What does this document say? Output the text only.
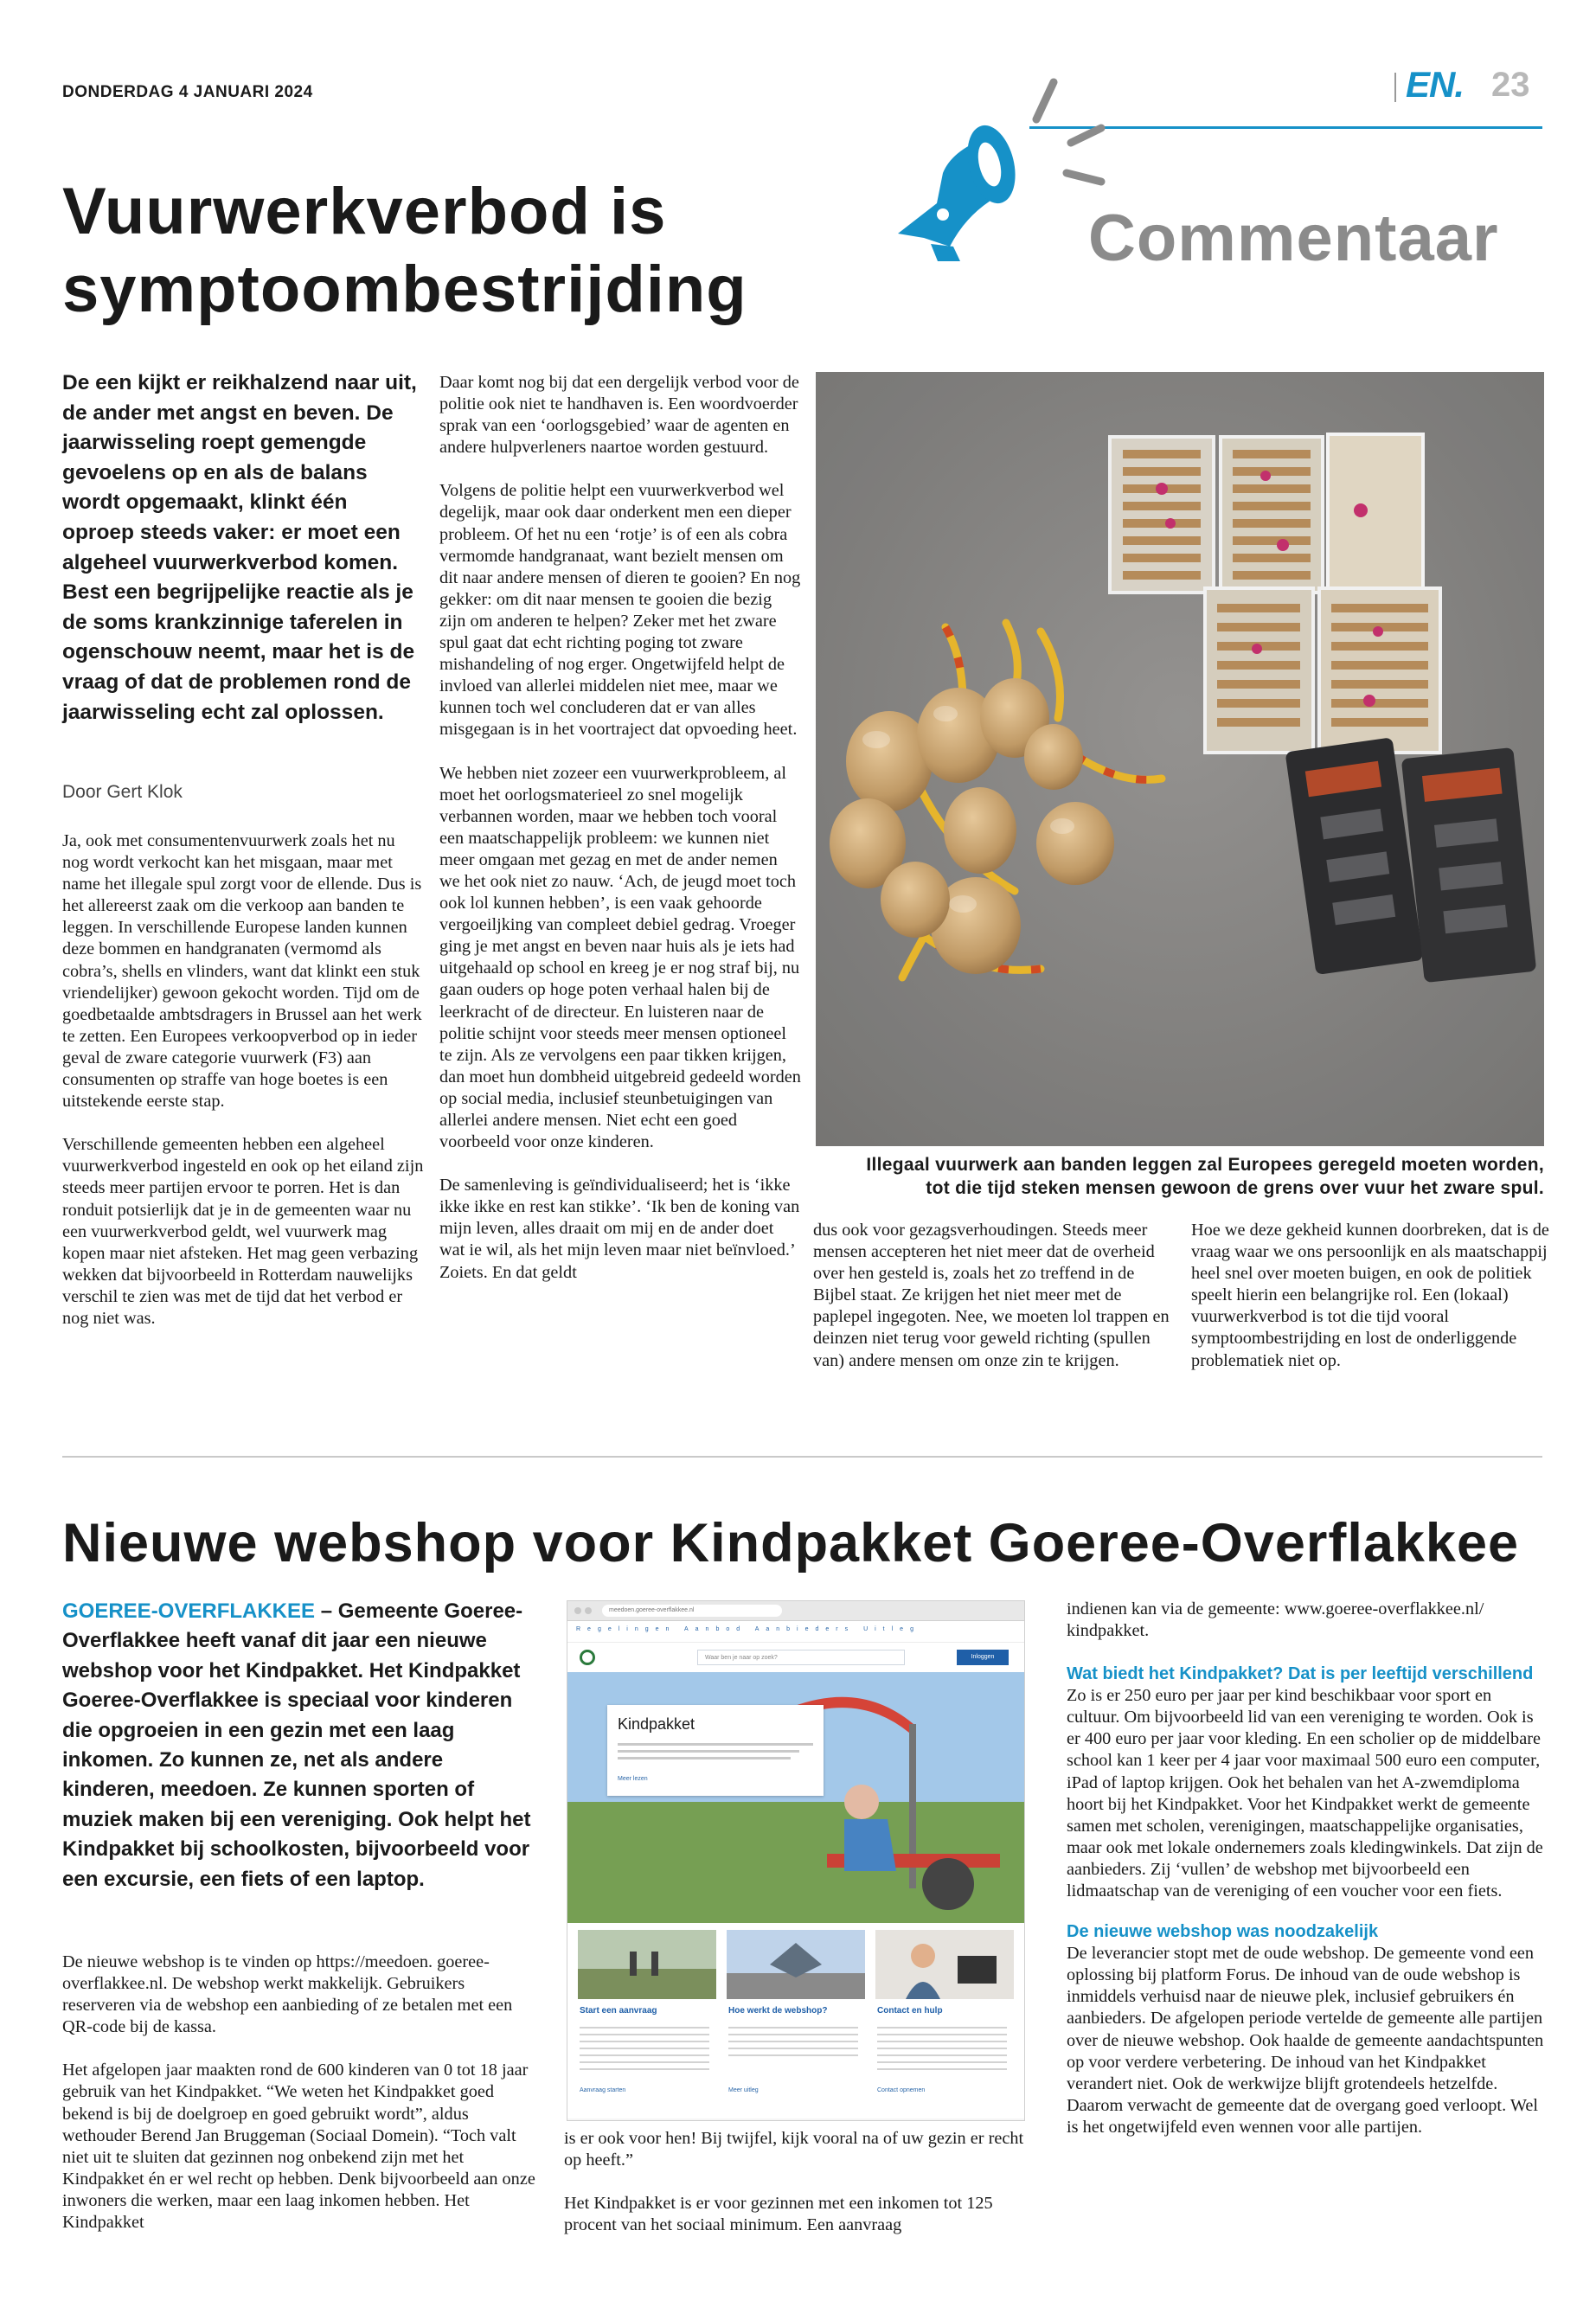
DONDERDAG 4 JANUARI 2024	EN. 23
Commentaar
Vuurwerkverbod is
symptoombestrijding

De een kijkt er reikhalzend naar uit, de ander met angst en beven. De jaarwisseling roept gemengde gevoelens op en als de balans wordt opgemaakt, klinkt één oproep steeds vaker: er moet een algeheel vuurwerkverbod komen. Best een begrijpelijke reactie als je de soms krankzinnige taferelen in ogenschouw neemt, maar het is de vraag of dat de problemen rond de jaarwisseling echt zal oplossen.

Door Gert Klok

Ja, ook met consumentenvuurwerk zoals het nu nog wordt verkocht kan het misgaan, maar met name het illegale spul zorgt voor de ellende. Dus is het allereerst zaak om die verkoop aan banden te leggen. In verschillende Europese landen kunnen deze bommen en handgranaten (vermomd als cobra’s, shells en vlinders, want dat klinkt een stuk vriendelijker) gewoon gekocht worden. Tijd om de goedbetaalde ambtsdragers in Brussel aan het werk te zetten. Een Europees verkoopverbod op in ieder geval de zware categorie vuurwerk (F3) aan consumenten op straffe van hoge boetes is een uitstekende eerste stap.

Verschillende gemeenten hebben een algeheel vuurwerkverbod ingesteld en ook op het eiland zijn steeds meer partijen ervoor te porren. Het is dan ronduit potsierlijk dat je in de gemeenten waar nu een vuurwerkverbod geldt, wel vuurwerk mag kopen maar niet afsteken. Het mag geen verbazing wekken dat bijvoorbeeld in Rotterdam nauwelijks verschil te zien was met de tijd dat het verbod er nog niet was.

Daar komt nog bij dat een dergelijk verbod voor de politie ook niet te handhaven is. Een woordvoerder sprak van een ‘oorlogsgebied’ waar de agenten en andere hulpverleners naartoe worden gestuurd.

Volgens de politie helpt een vuurwerkverbod wel degelijk, maar ook daar onderkent men een dieper probleem. Of het nu een ‘rotje’ is of een als cobra vermomde handgranaat, want bezielt mensen om dit naar andere mensen of dieren te gooien? En nog gekker: om dit naar mensen te gooien die bezig zijn om anderen te helpen? Zeker met het zware spul gaat dat echt richting poging tot zware mishandeling of nog erger. Ongetwijfeld helpt de invloed van allerlei middelen niet mee, maar we kunnen toch wel concluderen dat er van alles misgegaan is in het voortraject dat opvoeding heet.

We hebben niet zozeer een vuurwerkprobleem, al moet het oorlogsmaterieel zo snel mogelijk verbannen worden, maar we hebben toch vooral een maatschappelijk probleem: we kunnen niet meer omgaan met gezag en met de ander nemen we het ook niet zo nauw. ‘Ach, de jeugd moet toch ook lol kunnen hebben’, is een vaak gehoorde vergoeiljking van compleet debiel gedrag. Vroeger ging je met angst en beven naar huis als je iets had uitgehaald op school en kreeg je er nog straf bij, nu gaan ouders op hoge poten verhaal halen bij de leerkracht of de directeur. En luisteren naar de politie schijnt voor steeds meer mensen optioneel te zijn. Als ze vervolgens een paar tikken krijgen, dan moet hun dombheid uitgebreid gedeeld worden op social media, inclusief steunbetuigingen van allerlei andere mensen. Niet echt een goed voorbeeld voor onze kinderen.

De samenleving is geïndividualiseerd; het is ‘ikke ikke ikke en rest kan stikke’. ‘Ik ben de koning van mijn leven, alles draait om mij en de ander doet wat ie wil, als het mijn leven maar niet beïnvloed.’ Zoiets. En dat geldt

Illegaal vuurwerk aan banden leggen zal Europees geregeld moeten worden,
tot die tijd steken mensen gewoon de grens over vuur het zware spul.

dus ook voor gezagsverhoudingen. Steeds meer mensen accepteren het niet meer dat de overheid over hen gesteld is, zoals het zo treffend in de Bijbel staat. Ze krijgen het niet meer met de paplepel ingegoten. Nee, we moeten lol trappen en deinzen niet terug voor geweld richting (spullen van) andere mensen om onze zin te krijgen.

Hoe we deze gekheid kunnen doorbreken, dat is de vraag waar we ons persoonlijk en als maatschappij heel snel over moeten buigen, en ook de politiek speelt hierin een belangrijke rol. Een (lokaal) vuurwerkverbod is tot die tijd vooral symptoombestrijding en lost de onderliggende problematiek niet op.

Nieuwe webshop voor Kindpakket Goeree-Overflakkee

GOEREE-OVERFLAKKEE – Gemeente Goeree-Overflakkee heeft vanaf dit jaar een nieuwe webshop voor het Kindpakket. Het Kindpakket Goeree-Overflakkee is speciaal voor kinderen die opgroeien in een gezin met een laag inkomen. Zo kunnen ze, net als andere kinderen, meedoen. Ze kunnen sporten of muziek maken bij een vereniging. Ook helpt het Kindpakket bij schoolkosten, bijvoorbeeld voor een excursie, een fiets of een laptop.

De nieuwe webshop is te vinden op https://meedoen. goeree-overflakkee.nl. De webshop werkt makkelijk. Gebruikers reserveren via de webshop een aanbieding of ze betalen met een QR-code bij de kassa.

Het afgelopen jaar maakten rond de 600 kinderen van 0 tot 18 jaar gebruik van het Kindpakket. “We weten het Kindpakket goed bekend is bij de doelgroep en goed gebruikt wordt”, aldus wethouder Berend Jan Bruggeman (Sociaal Domein). “Toch valt niet uit te sluiten dat gezinnen nog onbekend zijn met het Kindpakket én er wel recht op hebben. Denk bijvoorbeeld aan onze inwoners die werken, maar een laag inkomen hebben. Het Kindpakket

meedoen.goeree-overflakkee.nl
Regelingen Aanbod Aanbieders Uitleg
Waar ben je naar op zoek?	Inloggen
Kindpakket
Meer lezen
Start een aanvraag	Hoe werkt de webshop?	Contact en hulp
Aanvraag starten	Meer uitleg	Contact opnemen

is er ook voor hen! Bij twijfel, kijk vooral na of uw gezin er recht op heeft.”

Het Kindpakket is er voor gezinnen met een inkomen tot 125 procent van het sociaal minimum. Een aanvraag

indienen kan via de gemeente: www.goeree-overflakkee.nl/ kindpakket.

Wat biedt het Kindpakket? Dat is per leeftijd verschillend
Zo is er 250 euro per jaar per kind beschikbaar voor sport en cultuur. Om bijvoorbeeld lid van een vereniging te worden. Ook is er 400 euro per jaar voor kleding. En een scholier op de middelbare school kan 1 keer per 4 jaar voor maximaal 500 euro een computer, iPad of laptop krijgen. Ook het behalen van het A-zwemdiploma hoort bij het Kindpakket. Voor het Kindpakket werkt de gemeente samen met scholen, verenigingen, maatschappelijke organisaties, maar ook met lokale ondernemers zoals kledingwinkels. Dat zijn de aanbieders. Zij ‘vullen’ de webshop met bijvoorbeeld een lidmaatschap van de vereniging of een voucher voor een fiets.

De nieuwe webshop was noodzakelijk
De leverancier stopt met de oude webshop. De gemeente vond een oplossing bij platform Forus. De inhoud van de oude webshop is inmiddels verhuisd naar de nieuwe plek, inclusief gebruikers én aanbieders. De afgelopen periode vertelde de gemeente alle partijen over de nieuwe webshop. Ook haalde de gemeente aandachtspunten op voor verdere verbetering. De inhoud van het Kindpakket verandert niet. Ook de werkwijze blijft grotendeels hetzelfde. Daarom verwacht de gemeente dat de overgang goed verloopt. Wel is het ongetwijfeld even wennen voor alle partijen.
